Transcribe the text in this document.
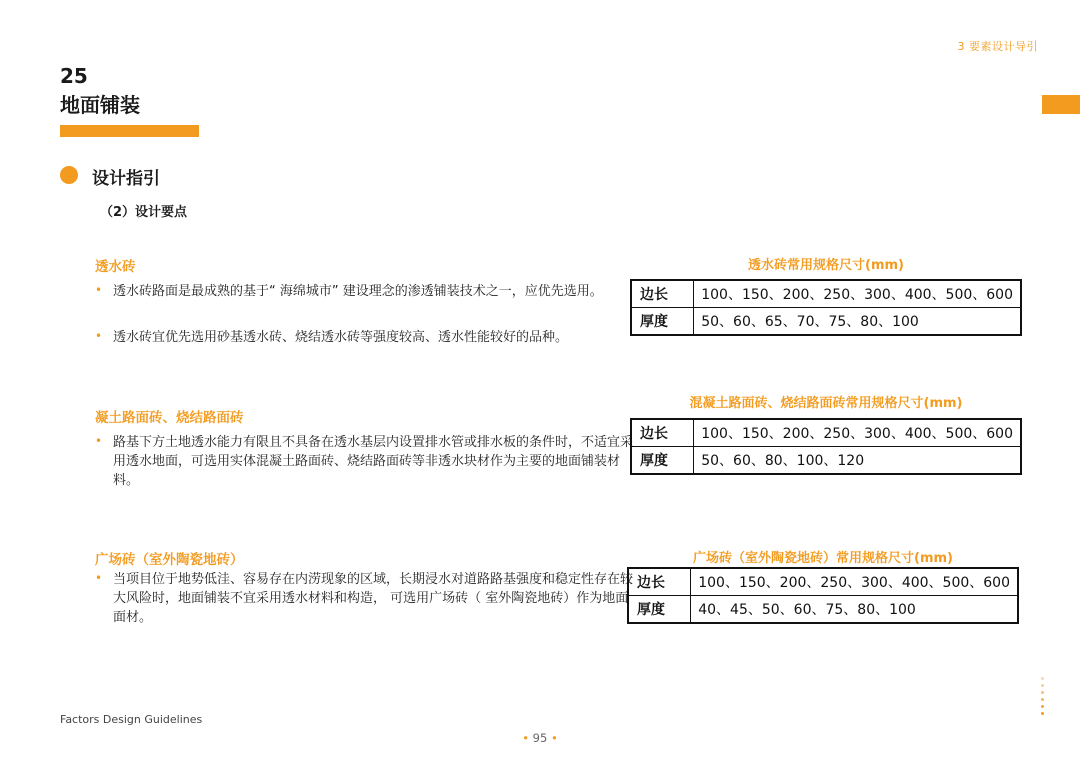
3 要素设计导引
25
地面铺装
设计指引
（2）设计要点
透水砖
• 透水砖路面是最成熟的基于“ 海绵城市” 建设理念的渗透铺装技术之一，应优先选用。
• 透水砖宜优先选用砂基透水砖、烧结透水砖等强度较高、透水性能较好的品种。
透水砖常用规格尺寸(mm)
边长	100、150、200、250、300、400、500、600
厚度	50、60、65、70、75、80、100
凝土路面砖、烧结路面砖
• 路基下方土地透水能力有限且不具备在透水基层内设置排水管或排水板的条件时，不适宜采用透水地面，可选用实体混凝土路面砖、烧结路面砖等非透水块材作为主要的地面铺装材料。
混凝土路面砖、烧结路面砖常用规格尺寸(mm)
边长	100、150、200、250、300、400、500、600
厚度	50、60、80、100、120
广场砖（室外陶瓷地砖）
• 当项目位于地势低洼、容易存在内涝现象的区域，长期浸水对道路路基强度和稳定性存在较大风险时，地面铺装不宜采用透水材料和构造， 可选用广场砖（ 室外陶瓷地砖）作为地面面材。
广场砖（室外陶瓷地砖）常用规格尺寸(mm)
边长	100、150、200、250、300、400、500、600
厚度	40、45、50、60、75、80、100
Factors Design Guidelines
• 95 •
